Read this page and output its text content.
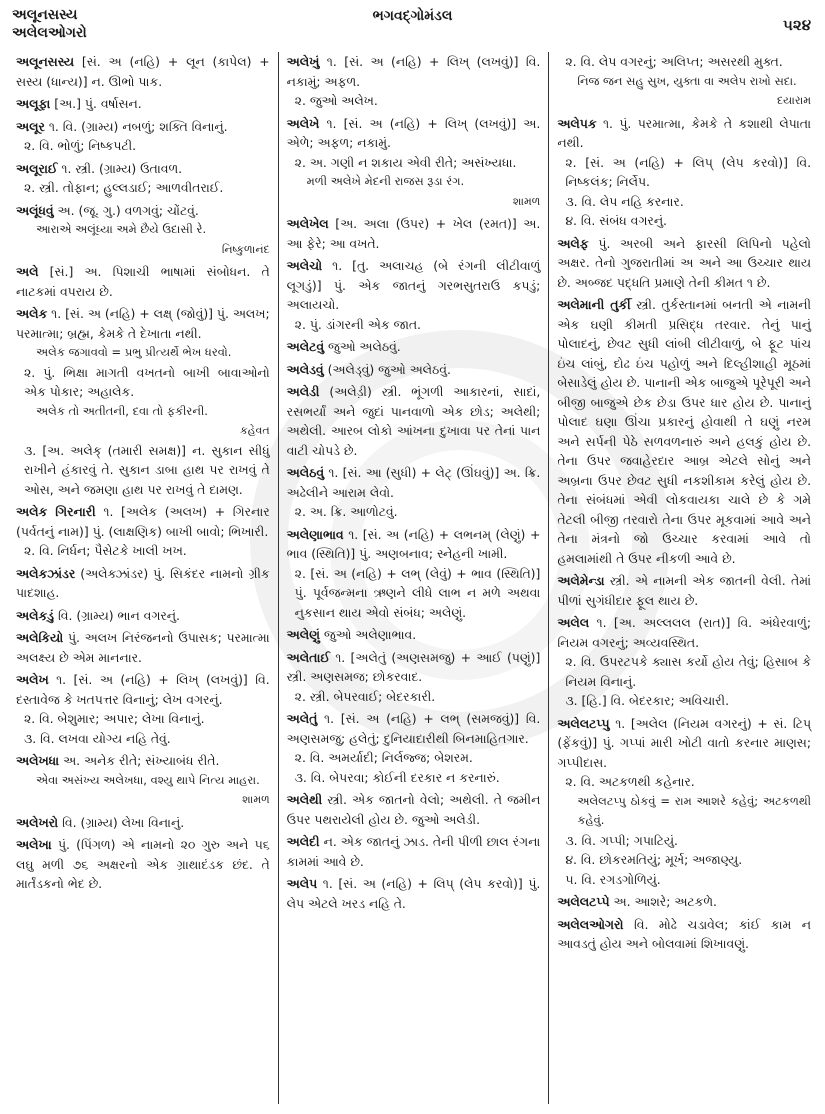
અલૂનસસ્ય
અલેલઓગરો
ભગવદ્ગોમંડલ	૫૨૪
અલૂનસસ્ય [સં. અ (નહિ) + લૂન (કાપેલ) + સસ્ય (ધાન્ય)] ન. ઊભો પાક.
અલૂફા [અ.] પું. વર્ષાસન.
અલૂર ૧. વિ. (ગ્રામ્ય) નબળું; શક્તિ વિનાનું.
૨. વિ. ભોળું; નિષ્કપટી.
અલૂરાઈ ૧. સ્ત્રી. (ગ્રામ્ય) ઉતાવળ.
૨. સ્ત્રી. તોફાન; હુલ્લડાઈ; આળવીતરાઈ.
અલૂંધવું અ. (જૂ. ગુ.) વળગવું; ચોંટવું.
આરાએ અલૂંધ્યા અમે છૈયે ઉદાસી રે.
નિષ્કુળાનંદ
અલે [સં.] અ. પિશાચી ભાષામાં સંબોધન. તે નાટકમાં વપરાય છે.
અલેક ૧. [સં. અ (નહિ) + લક્ષ્ (જોવું)] પું. અલખ; પરમાત્મા; બ્રહ્મ, કેમકે તે દેખાતા નથી.
અલેક જગાવવો = પ્રભુ પ્રીત્યર્થે ભેખ ધરવો.
૨. પું. ભિક્ષા માગતી વખતનો બાખી બાવાઓનો એક પોકાર; અહાલેક.
અલેક તો અતીતની, દવા તો ફકીરની.
કહેવત
૩. [અ. અલેક્ (તમારી સમક્ષ)] ન. સુકાન સીધું રાખીને હંકારવું તે. સુકાન ડાબા હાથ પર રાખવું તે ઓસ, અને જમણા હાથ પર રાખવું તે દામણ.
અલેક ગિરનારી ૧. [અલેક (અલખ) + ગિરનાર (પર્વતનું નામ)] પું. (લાક્ષણિક) બાખી બાવો; ભિખારી.
૨. વિ. નિર્ધન; પૈસેટકે ખાલી ખખ.
અલેકઝાંડર (અલેક્ઝાંડર) પું. સિકંદર નામનો ગ્રીક પાદશાહ.
અલેકડું વિ. (ગ્રામ્ય) ભાન વગરનું.
અલેકિયો પું. અલખ નિરંજનનો ઉપાસક; પરમાત્મા અલક્ષ્ય છે એમ માનનાર.
અલેખ ૧. [સં. અ (નહિ) + લિખ્ (લખવું)] વિ. દસ્તાવેજ કે ખતપત્તર વિનાનું; લેખ વગરનું.
૨. વિ. બેશુમાર; અપાર; લેખા વિનાનું.
૩. વિ. લખવા યોગ્ય નહિ તેવું.
અલેખધા અ. અનેક રીતે; સંખ્યાબંધ રીતે.
એવા અસંખ્ય અલેખધા, વશ્યુ થાપે નિત્ય માહરા.
શામળ
અલેખરો વિ. (ગ્રામ્ય) લેખા વિનાનું.
અલેખા પું. (પિંગળ) એ નામનો ૨૦ ગુરુ અને ૫૬ લઘુ મળી ૭૬ અક્ષરનો એક ગ્રાથાદંડક છંદ. તે માર્તંડકનો ભેદ છે.
અલેખું ૧. [સં. અ (નહિ) + લિખ્ (લખવું)] વિ. નકામું; અફળ.
૨. જુઓ અલેખ.
અલેખે ૧. [સં. અ (નહિ) + લિખ્ (લખવું)] અ. એળે; અફળ; નકામું.
૨. અ. ગણી ન શકાય એવી રીતે; અસંખ્યધા.
મળી અલેખે મેદની રાજસ રૂડા રંગ.
શામળ
અલેખેલ [અ. અલા (ઉપર) + ખેલ (રમત)] અ. આ ફેરે; આ વખતે.
અલેચો ૧. [તુ. અલાચહ (બે રંગની લીટીવાળું લૂગડું)] પું. એક જાતનું ગરભસુતરાઉ કપડું; અલાયચો.
૨. પું. ડાંગરની એક જાત.
અલેટવું જુઓ અલેઠવું.
અલેડવું (અલેડ્વું) જુઓ અલેઠવું.
અલેડી (અલેડ઼ી) સ્ત્રી. ભૂંગળી આકારનાં, સાદાં, રસભર્યાં અને જુદાં પાનવાળો એક છોડ; અલેથી; અથેલી. આરબ લોકો આંખના દુખાવા પર તેનાં પાન વાટી ચોપડે છે.
અલેઠવું ૧. [સં. આ (સુધી) + લેટ્ (ઊંઘવું)] અ. ક્રિ. અઢેલીને આરામ લેવો.
૨. અ. ક્રિ. આળોટવું.
અલેણાભાવ ૧. [સં. અ (નહિ) + લભનમ્ (લેણું) + ભાવ (સ્થિતિ)] પું. અણબનાવ; સ્નેહની ખામી.
૨. [સં. અ (નહિ) + લભ્ (લેવું) + ભાવ (સ્થિતિ)] પું. પૂર્વજન્મના ઋણને લીધે લાભ ન મળે અથવા નુકસાન થાય એવો સંબંધ; અલેણું.
અલેણું જુઓ અલેણાભાવ.
અલેતાઈ ૧. [અલેતું (અણસમજુ) + આઈ (પણું)] સ્ત્રી. અણસમજ; છોકરવાદ.
૨. સ્ત્રી. બેપરવાઈ; બેદરકારી.
અલેતું ૧. [સં. અ (નહિ) + લભ્ (સમજવું)] વિ. અણસમજુ; હલેતું; દુનિયાદારીથી બિનમાહિતગાર.
૨. વિ. અમર્યાદી; નિર્લજ્જ; બેશરમ.
૩. વિ. બેપરવા; કોઈની દરકાર ન કરનારું.
અલેથી સ્ત્રી. એક જાતનો વેલો; અથેલી. તે જમીન ઉપર પથરાયેલી હોય છે. જુઓ અલેડી.
અલેદી ન. એક જાતનું ઝાડ. તેની પીળી છાલ રંગના કામમાં આવે છે.
અલેપ ૧. [સં. અ (નહિ) + લિપ્ (લેપ કરવો)] પું. લેપ એટલે ખરડ નહિ તે.
૨. વિ. લેપ વગરનું; અલિપ્ત; અસરથી મુક્ત.
નિજ જન સહુ સુખ, યુક્તા વા અલેપ રાખો સદા.
દયારામ
અલેપક ૧. પું. પરમાત્મા, કેમકે તે કશાથી લેપાતા નથી.
૨. [સં. અ (નહિ) + લિપ્ (લેપ કરવો)] વિ. નિષ્કલંક; નિર્લેપ.
૩. વિ. લેપ નહિ કરનાર.
૪. વિ. સંબંધ વગરનું.
અલેફ પું. અરબી અને ફારસી લિપિનો પહેલો અક્ષર. તેનો ગુજરાતીમાં અ અને આ ઉચ્ચાર થાય છે. અબ્જદ પદ્ધતિ પ્રમાણે તેની કીમત ૧ છે.
અલેમાની તુર્કી સ્ત્રી. તુર્કસ્તાનમાં બનતી એ નામની એક ઘણી કીમતી પ્રસિદ્ધ તરવાર. તેનું પાનું પોલાદનું, છેવટ સુધી લાંબી લીટીવાળું, બે ફૂટ પાંચ ઇંચ લાંબું, દોઢ ઇંચ પહોળું અને દિલ્હીશાહી મૂઠમાં બેસાડેલું હોય છે. પાનાની એક બાજુએ પૂરેપૂરી અને બીજી બાજુએ છેક છેડા ઉપર ધાર હોય છે. પાનાનું પોલાદ ઘણા ઊંચા પ્રકારનું હોવાથી તે ઘણું નરમ અને સર્પની પેઠે સળવળનારું અને હલકું હોય છે. તેના ઉપર જવાહેરદાર આબ્ર એટલે સોનું અને અબ્રના ઉપર છેવટ સુધી નકશીકામ કરેલું હોય છે. તેના સંબંધમાં એવી લોકવાયકા ચાલે છે કે ગમે તેટલી બીજી તરવારો તેના ઉપર મૂકવામાં આવે અને તેના મંત્રનો જો ઉચ્ચાર કરવામાં આવે તો હમલામાંથી તે ઉપર નીકળી આવે છે.
અલેમેન્ડા સ્ત્રી. એ નામની એક જાતની વેલી. તેમાં પીળાં સુગંધીદાર ફૂલ થાય છે.
અલેલ ૧. [અ. અલ્લલલ (રાત)] વિ. અંધેરવાળું; નિયમ વગરનું; અવ્યવસ્થિત.
૨. વિ. ઉપરટપકે ક્યાસ કર્યો હોય તેવું; હિસાબ કે નિયમ વિનાનું.
૩. [હિ.] વિ. બેદરકાર; અવિચારી.
અલેલટપ્પુ ૧. [અલેલ (નિયમ વગરનું) + સં. ટિપ્ (ફેંકવું)] પું. ગપ્પાં મારી ખોટી વાતો કરનાર માણસ; ગપ્પીદાસ.
૨. વિ. અટકળથી કહેનાર.
અલેલટપ્પુ ઠોકવું = રામ આશરે કહેવું; અટકળથી કહેવું.
૩. વિ. ગપ્પી; ગપાટિયું.
૪. વિ. છોકરમતિયું; મૂર્ખ; અજાણ્યુ.
૫. વિ. રગડગોળિયું.
અલેલટપ્પે અ. આશરે; અટકળે.
અલેલઓગરો વિ. મોઢે ચડાવેલ; કાંઈ કામ ન આવડતું હોય અને બોલવામાં શિખાવણું.
